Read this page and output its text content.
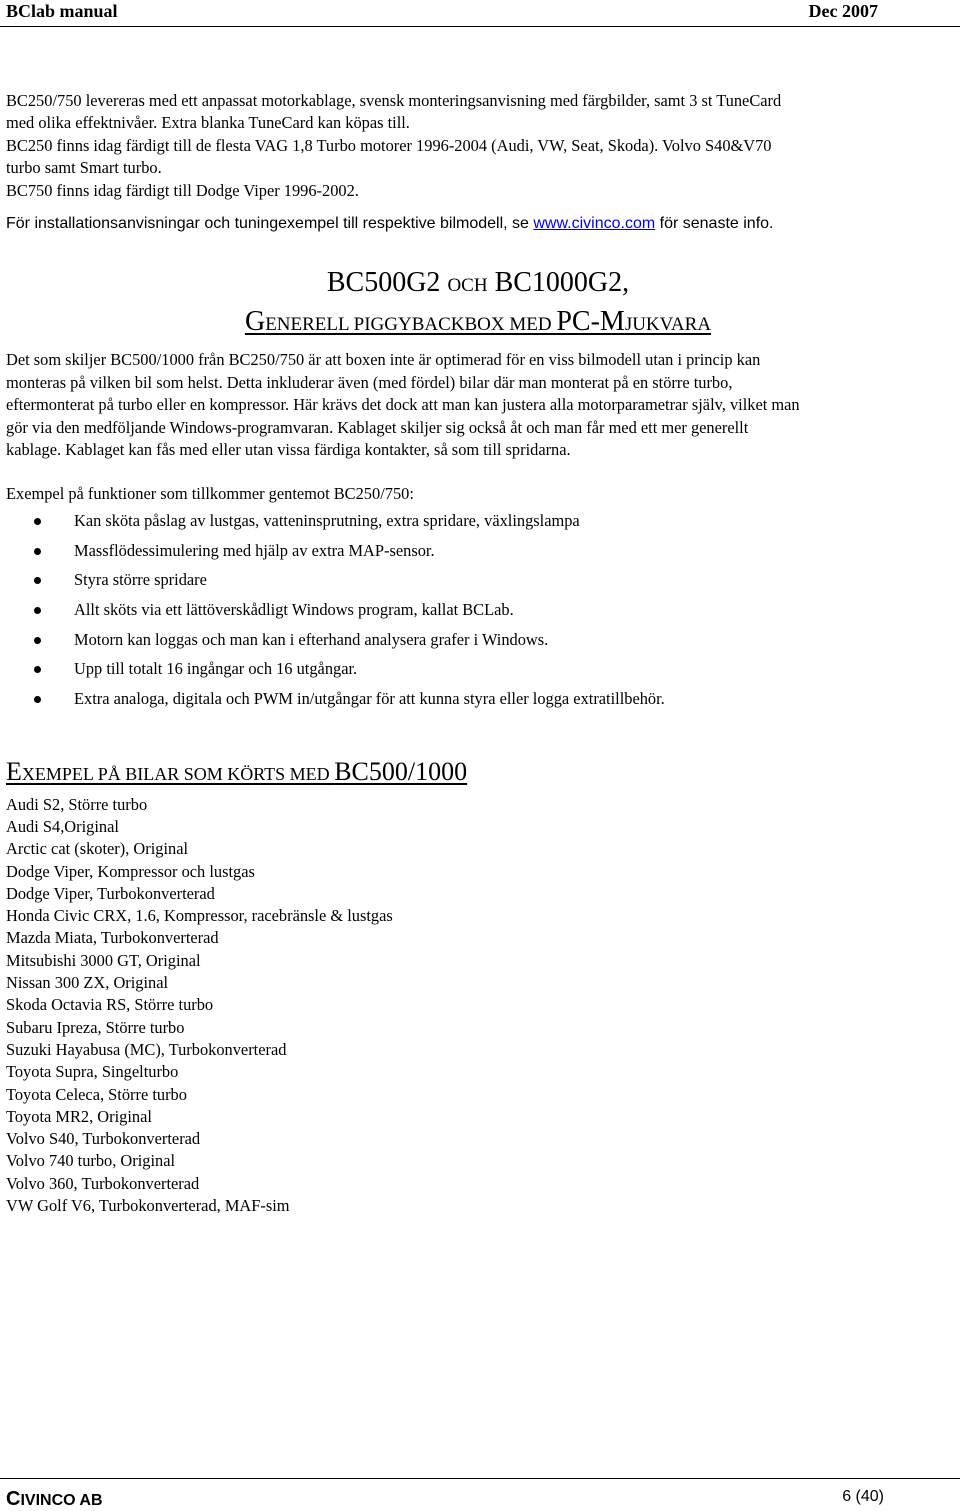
BClab manual	Dec 2007

BC250/750 levereras med ett anpassat motorkablage, svensk monteringsanvisning med färgbilder, samt 3 st TuneCard

med olika effektnivåer. Extra blanka TuneCard kan köpas till.

BC250 finns idag färdigt till de flesta VAG 1,8 Turbo motorer 1996-2004 (Audi, VW, Seat, Skoda). Volvo S40&V70

turbo samt Smart turbo.

BC750 finns idag färdigt till Dodge Viper 1996-2002.

För installationsanvisningar och tuningexempel till respektive bilmodell, se www.civinco.com för senaste info.

BC500G2 OCH BC1000G2,
GENERELL PIGGYBACKBOX MED PC-MJUKVARA

Det som skiljer BC500/1000 från BC250/750 är att boxen inte är optimerad för en viss bilmodell utan i princip kan

monteras på vilken bil som helst. Detta inkluderar även (med fördel) bilar där man monterat på en större turbo,

eftermonterat på turbo eller en kompressor. Här krävs det dock att man kan justera alla motorparametrar själv, vilket man

gör via den medföljande Windows-programvaran. Kablaget skiljer sig också åt och man får med ett mer generellt

kablage. Kablaget kan fås med eller utan vissa färdiga kontakter, så som till spridarna.

Exempel på funktioner som tillkommer gentemot BC250/750:

Kan sköta påslag av lustgas, vatteninsprutning, extra spridare, växlingslampa
Massflödessimulering med hjälp av extra MAP-sensor.
Styra större spridare
Allt sköts via ett lättöverskådligt Windows program, kallat BCLab.
Motorn kan loggas och man kan i efterhand analysera grafer i Windows.
Upp till totalt 16 ingångar och 16 utgångar.
Extra analoga, digitala och PWM in/utgångar för att kunna styra eller logga extratillbehör.
EXEMPEL PÅ BILAR SOM KÖRTS MED BC500/1000
Audi S2, Större turbo
Audi S4,Original
Arctic cat (skoter), Original
Dodge Viper, Kompressor och lustgas
Dodge Viper, Turbokonverterad
Honda Civic CRX, 1.6, Kompressor, racebränsle & lustgas
Mazda Miata, Turbokonverterad
Mitsubishi 3000 GT, Original
Nissan 300 ZX, Original
Skoda Octavia RS, Större turbo
Subaru Ipreza, Större turbo
Suzuki Hayabusa (MC), Turbokonverterad
Toyota Supra, Singelturbo
Toyota Celeca, Större turbo
Toyota MR2, Original
Volvo S40, Turbokonverterad
Volvo 740 turbo, Original
Volvo 360, Turbokonverterad
VW Golf V6, Turbokonverterad, MAF-sim
CIVINCO AB	6 (40)
